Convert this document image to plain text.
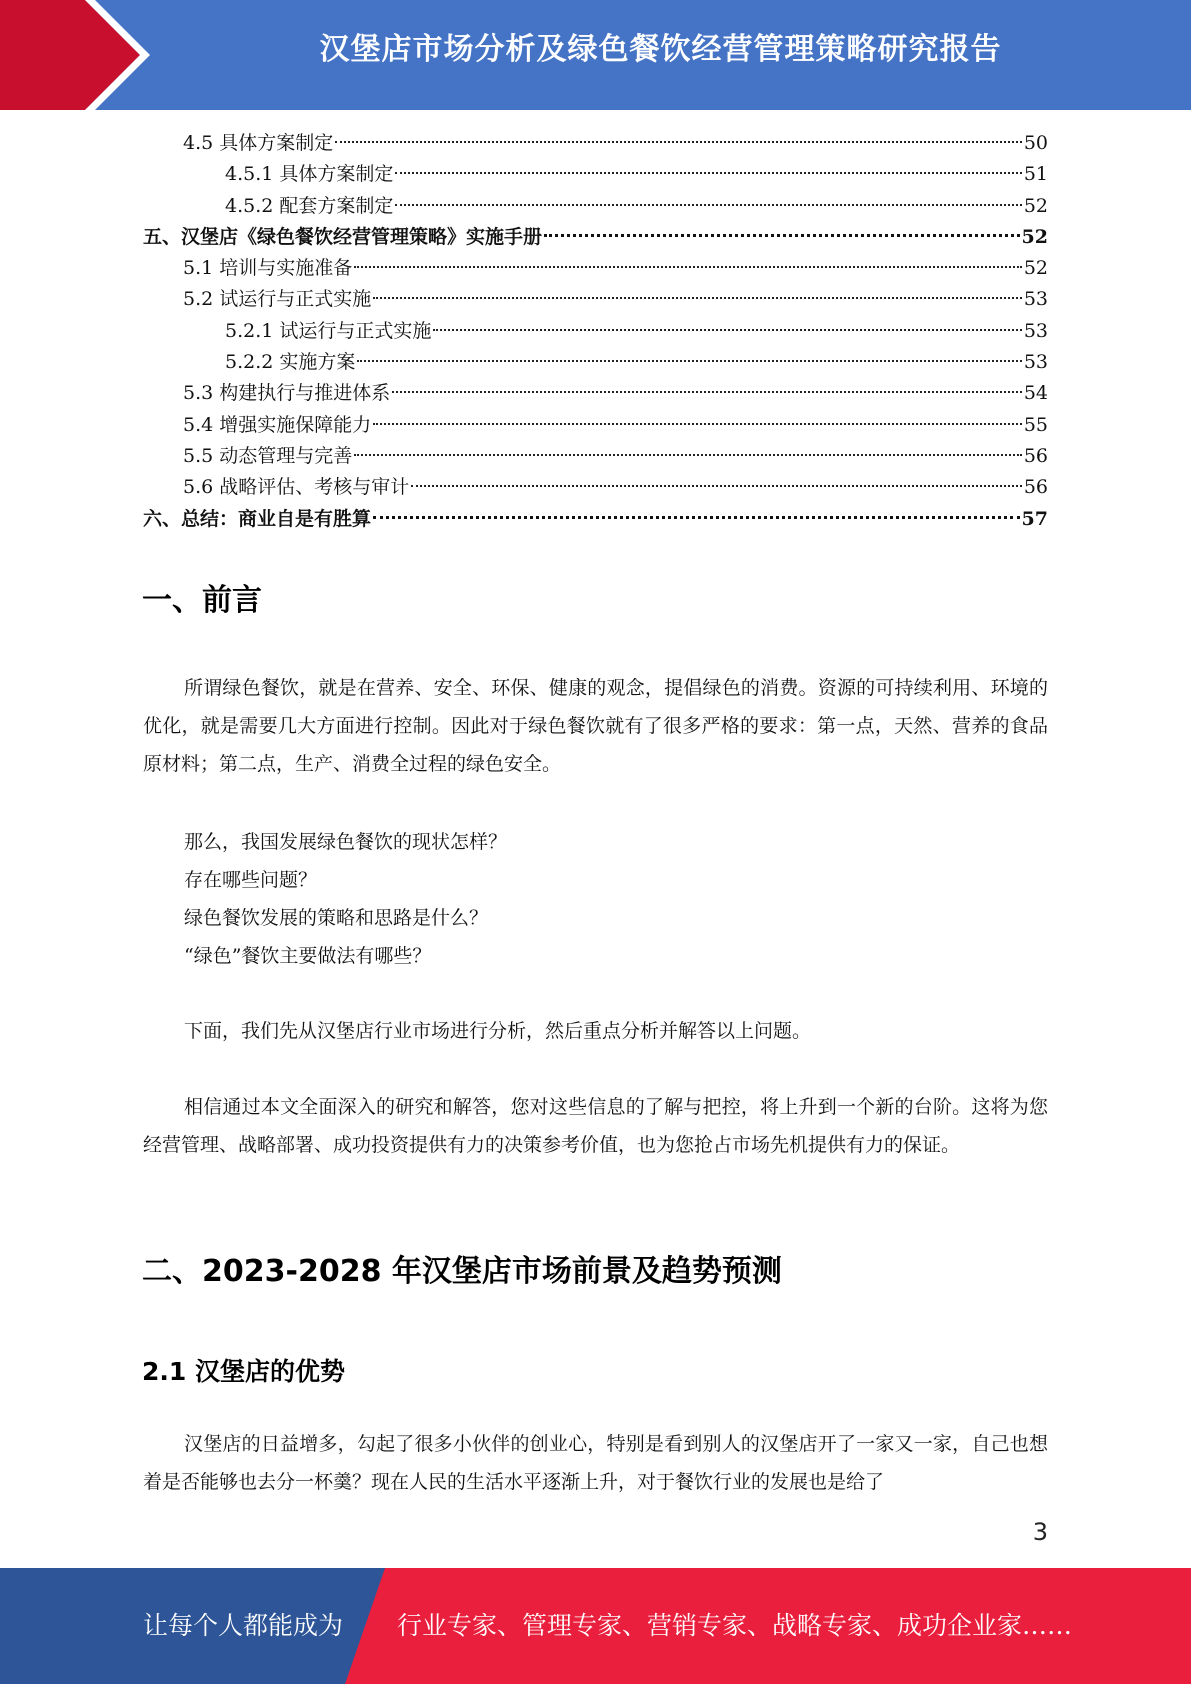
汉堡店市场分析及绿色餐饮经营管理策略研究报告
4.5 具体方案制定	50
4.5.1 具体方案制定	51
4.5.2 配套方案制定	52
五、汉堡店《绿色餐饮经营管理策略》实施手册	52
5.1 培训与实施准备	52
5.2 试运行与正式实施	53
5.2.1 试运行与正式实施	53
5.2.2 实施方案	53
5.3 构建执行与推进体系	54
5.4 增强实施保障能力	55
5.5 动态管理与完善	56
5.6 战略评估、考核与审计	56
六、总结：商业自是有胜算	57
一、前言

所谓绿色餐饮，就是在营养、安全、环保、健康的观念，提倡绿色的消费。资源的可持续利用、环境的优化，就是需要几大方面进行控制。因此对于绿色餐饮就有了很多严格的要求：第一点，天然、营养的食品原材料；第二点，生产、消费全过程的绿色安全。

那么，我国发展绿色餐饮的现状怎样？

存在哪些问题？

绿色餐饮发展的策略和思路是什么？

“绿色”餐饮主要做法有哪些？

下面，我们先从汉堡店行业市场进行分析，然后重点分析并解答以上问题。

相信通过本文全面深入的研究和解答，您对这些信息的了解与把控，将上升到一个新的台阶。这将为您经营管理、战略部署、成功投资提供有力的决策参考价值，也为您抢占市场先机提供有力的保证。

二、2023-2028 年汉堡店市场前景及趋势预测
2.1 汉堡店的优势

汉堡店的日益增多，勾起了很多小伙伴的创业心，特别是看到别人的汉堡店开了一家又一家，自己也想着是否能够也去分一杯羹？现在人民的生活水平逐渐上升，对于餐饮行业的发展也是给了

3
让每个人都能成为 行业专家、管理专家、营销专家、战略专家、成功企业家……
